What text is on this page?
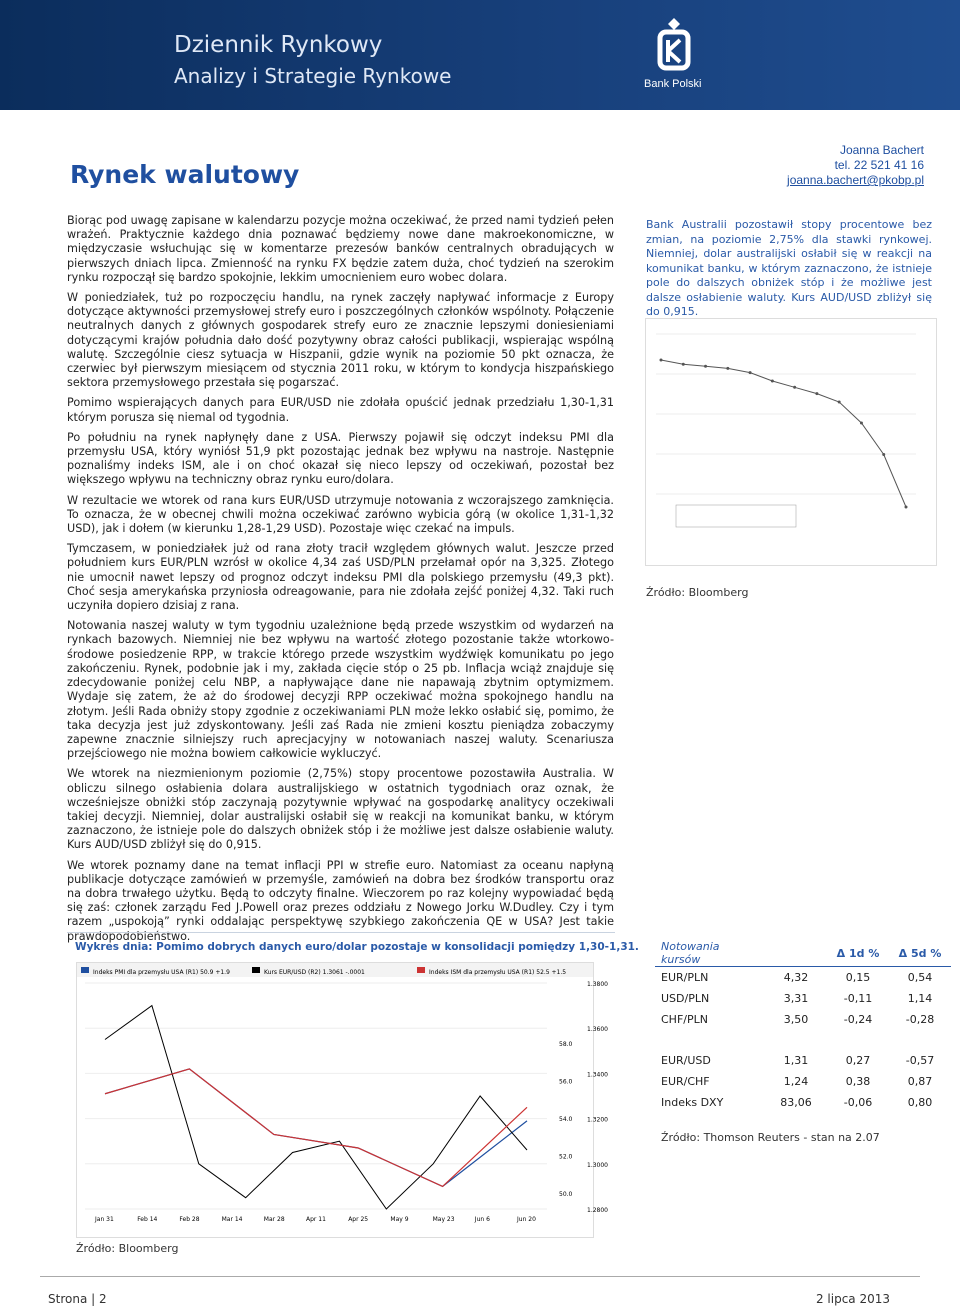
Dziennik Rynkowy
Analizy i Strategie Rynkowe	Bank Polski
Rynek walutowy
Joanna Bachert
tel. 22 521 41 16
joanna.bachert@pkobp.pl

Biorąc pod uwagę zapisane w kalendarzu pozycje można oczekiwać, że przed nami tydzień pełen wrażeń. Praktycznie każdego dnia poznawać będziemy nowe dane makroekonomiczne, w międzyczasie wsłuchując się w komentarze prezesów banków centralnych obradujących w pierwszych dniach lipca. Zmienność na rynku FX będzie zatem duża, choć tydzień na szerokim rynku rozpoczął się bardzo spokojnie, lekkim umocnieniem euro wobec dolara.

W poniedziałek, tuż po rozpoczęciu handlu, na rynek zaczęły napływać informacje z Europy dotyczące aktywności przemysłowej strefy euro i poszczególnych członków wspólnoty. Połączenie neutralnych danych z głównych gospodarek strefy euro ze znacznie lepszymi doniesieniami dotyczącymi krajów południa dało dość pozytywny obraz całości publikacji, wspierając wspólną walutę. Szczególnie ciesz sytuacja w Hiszpanii, gdzie wynik na poziomie 50 pkt oznacza, że czerwiec był pierwszym miesiącem od stycznia 2011 roku, w którym to kondycja hiszpańskiego sektora przemysłowego przestała się pogarszać.

Pomimo wspierających danych para EUR/USD nie zdołała opuścić jednak przedziału 1,30-1,31 którym porusza się niemal od tygodnia.

Po południu na rynek napłynęły dane z USA. Pierwszy pojawił się odczyt indeksu PMI dla przemysłu USA, który wyniósł 51,9 pkt pozostając jednak bez wpływu na nastroje. Następnie poznaliśmy indeks ISM, ale i on choć okazał się nieco lepszy od oczekiwań, pozostał bez większego wpływu na techniczny obraz rynku euro/dolara.

W rezultacie we wtorek od rana kurs EUR/USD utrzymuje notowania z wczorajszego zamknięcia. To oznacza, że w obecnej chwili można oczekiwać zarówno wybicia górą (w okolice 1,31-1,32 USD), jak i dołem (w kierunku 1,28-1,29 USD). Pozostaje więc czekać na impuls.

Tymczasem, w poniedziałek już od rana złoty tracił względem głównych walut. Jeszcze przed południem kurs EUR/PLN wzrósł w okolice 4,34 zaś USD/PLN przełamał opór na 3,325. Złotego nie umocnił nawet lepszy od prognoz odczyt indeksu PMI dla polskiego przemysłu (49,3 pkt). Choć sesja amerykańska przyniosła odreagowanie, para nie zdołała zejść poniżej 4,32. Taki ruch uczyniła dopiero dzisiaj z rana.

Notowania naszej waluty w tym tygodniu uzależnione będą przede wszystkim od wydarzeń na rynkach bazowych. Niemniej nie bez wpływu na wartość złotego pozostanie także wtorkowo-środowe posiedzenie RPP, w trakcie którego przede wszystkim wydźwięk komunikatu po jego zakończeniu. Rynek, podobnie jak i my, zakłada cięcie stóp o 25 pb. Inflacja wciąż znajduje się zdecydowanie poniżej celu NBP, a napływające dane nie napawają zbytnim optymizmem. Wydaje się zatem, że aż do środowej decyzji RPP oczekiwać można spokojnego handlu na złotym. Jeśli Rada obniży stopy zgodnie z oczekiwaniami PLN może lekko osłabić się, pomimo, że taka decyzja jest już zdyskontowany. Jeśli zaś Rada nie zmieni kosztu pieniądza zobaczymy zapewne znacznie silniejszy ruch aprecjacyjny w notowaniach naszej waluty. Scenariusza przejściowego nie można bowiem całkowicie wykluczyć.

We wtorek na niezmienionym poziomie (2,75%) stopy procentowe pozostawiła Australia. W obliczu silnego osłabienia dolara australijskiego w ostatnich tygodniach oraz oznak, że wcześniejsze obniżki stóp zaczynają pozytywnie wpływać na gospodarkę analitycy oczekiwali takiej decyzji. Niemniej, dolar australijski osłabił się w reakcji na komunikat banku, w którym zaznaczono, że istnieje pole do dalszych obniżek stóp i że możliwe jest dalsze osłabienie waluty. Kurs AUD/USD zbliżył się do 0,915.

We wtorek poznamy dane na temat inflacji PPI w strefie euro. Natomiast za oceanu napłyną publikacje dotyczące zamówień w przemyśle, zamówień na dobra bez środków transportu oraz na dobra trwałego użytku. Będą to odczyty finalne. Wieczorem po raz kolejny wypowiadać będą się zaś: członek zarządu Fed J.Powell oraz prezes oddziału z Nowego Jorku W.Dudley. Czy i tym razem „uspokoją” rynki oddalając perspektywę szybkiego zakończenia QE w USA? Jest takie prawdopodobieństwo.

Bank Australii pozostawił stopy procentowe bez zmian, na poziomie 2,75% dla stawki rynkowej. Niemniej, dolar australijski osłabił się w reakcji na komunikat banku, w którym zaznaczono, że istnieje pole do dalszych obniżek stóp i że możliwe jest dalsze osłabienie waluty. Kurs AUD/USD zbliżył się do 0,915.
Źródło: Bloomberg
Wykres dnia: Pomimo dobrych danych euro/dolar pozostaje w konsolidacji pomiędzy 1,30-1,31.
Indeks PMI dla przemysłu USA (R1) 50.9 +1.9	Kurs EUR/USD (R2) 1.3061 -.0001	Indeks ISM dla przemysłu USA (R1) 52.5 +1.5
1.3800
1.3600
1.3400
1.3200
1.3000
1.2800
58.0
56.0
54.0
52.0
50.0
Jan 31	Feb 14	Feb 28	Mar 14	Mar 28	Apr 11	Apr 25	May 9	May 23	Jun 6	Jun 20
Źródło: Bloomberg
Notowania kursów		Δ 1d %	Δ 5d %
EUR/PLN	4,32	0,15	0,54
USD/PLN	3,31	-0,11	1,14
CHF/PLN	3,50	-0,24	-0,28

EUR/USD	1,31	0,27	-0,57
EUR/CHF	1,24	0,38	0,87
Indeks DXY	83,06	-0,06	0,80
Źródło: Thomson Reuters - stan na 2.07
Strona | 2	2 lipca 2013
